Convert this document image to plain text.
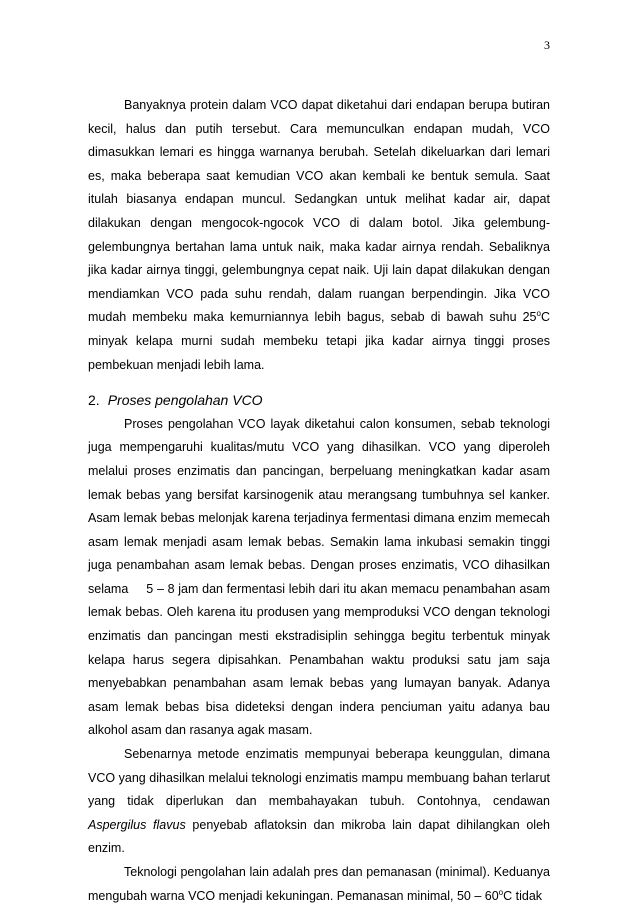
3

Banyaknya protein dalam VCO dapat diketahui dari endapan berupa butiran kecil, halus dan putih tersebut. Cara memunculkan endapan mudah, VCO dimasukkan lemari es hingga warnanya berubah. Setelah dikeluarkan dari lemari es, maka beberapa saat kemudian VCO akan kembali ke bentuk semula. Saat itulah biasanya endapan muncul. Sedangkan untuk melihat kadar air, dapat dilakukan dengan mengocok-ngocok VCO di dalam botol. Jika gelembung-gelembungnya bertahan lama untuk naik, maka kadar airnya rendah. Sebaliknya jika kadar airnya tinggi, gelembungnya cepat naik. Uji lain dapat dilakukan dengan mendiamkan VCO pada suhu rendah, dalam ruangan berpendingin. Jika VCO mudah membeku maka kemurniannya lebih bagus, sebab di bawah suhu 25$^o$C minyak kelapa murni sudah membeku tetapi jika kadar airnya tinggi proses pembekuan menjadi lebih lama.

2. Proses pengolahan VCO

Proses pengolahan VCO layak diketahui calon konsumen, sebab teknologi juga mempengaruhi kualitas/mutu VCO yang dihasilkan. VCO yang diperoleh melalui proses enzimatis dan pancingan, berpeluang meningkatkan kadar asam lemak bebas yang bersifat karsinogenik atau merangsang tumbuhnya sel kanker. Asam lemak bebas melonjak karena terjadinya fermentasi dimana enzim memecah asam lemak menjadi asam lemak bebas. Semakin lama inkubasi semakin tinggi juga penambahan asam lemak bebas. Dengan proses enzimatis, VCO dihasilkan selama 5 – 8 jam dan fermentasi lebih dari itu akan memacu penambahan asam lemak bebas. Oleh karena itu produsen yang memproduksi VCO dengan teknologi enzimatis dan pancingan mesti ekstradisiplin sehingga begitu terbentuk minyak kelapa harus segera dipisahkan. Penambahan waktu produksi satu jam saja menyebabkan penambahan asam lemak bebas yang lumayan banyak. Adanya asam lemak bebas bisa dideteksi dengan indera penciuman yaitu adanya bau alkohol asam dan rasanya agak masam.

Sebenarnya metode enzimatis mempunyai beberapa keunggulan, dimana VCO yang dihasilkan melalui teknologi enzimatis mampu membuang bahan terlarut yang tidak diperlukan dan membahayakan tubuh. Contohnya, cendawan Aspergilus flavus penyebab aflatoksin dan mikroba lain dapat dihilangkan oleh enzim.

Teknologi pengolahan lain adalah pres dan pemanasan (minimal). Keduanya mengubah warna VCO menjadi kekuningan. Pemanasan minimal, 50 – 60$^o$C tidak
